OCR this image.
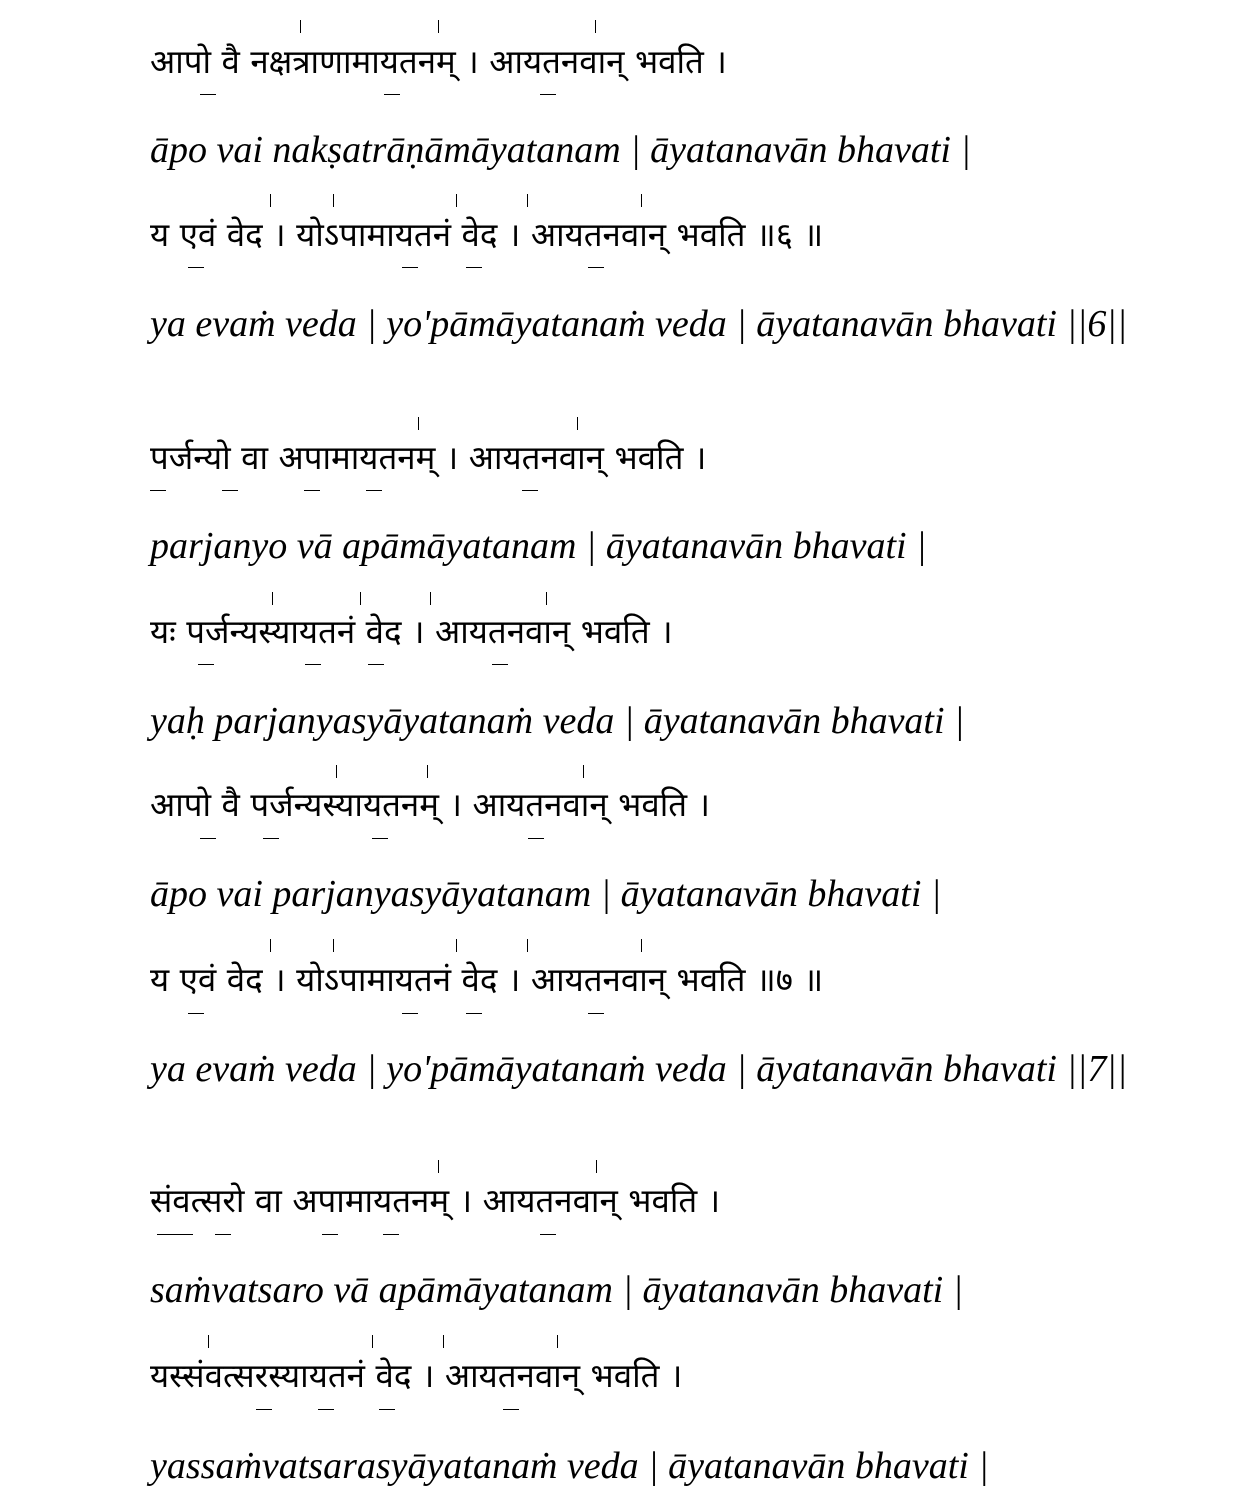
आपो वै नक्षत्राणामायतनम् । आयतनवान् भवति ।
āpo vai nakṣatrāṇāmāyatanam | āyatanavān bhavati |
य एवं वेद । योऽपामायतनं वेद । आयतनवान् भवति ॥६ ॥
ya evaṁ veda | yo'pāmāyatanaṁ veda | āyatanavān bhavati ||6||
पर्जन्यो वा अपामायतनम् । आयतनवान् भवति ।
parjanyo vā apāmāyatanam | āyatanavān bhavati |
यः पर्जन्यस्यायतनं वेद । आयतनवान् भवति ।
yaḥ parjanyasyāyatanaṁ veda | āyatanavān bhavati |
आपो वै पर्जन्यस्यायतनम् । आयतनवान् भवति ।
āpo vai parjanyasyāyatanam | āyatanavān bhavati |
य एवं वेद । योऽपामायतनं वेद । आयतनवान् भवति ॥७ ॥
ya evaṁ veda | yo'pāmāyatanaṁ veda | āyatanavān bhavati ||7||
संवत्सरो वा अपामायतनम् । आयतनवान् भवति ।
saṁvatsaro vā apāmāyatanam | āyatanavān bhavati |
यस्संवत्सरस्यायतनं वेद । आयतनवान् भवति ।
yassaṁvatsarasyāyatanaṁ veda | āyatanavān bhavati |
